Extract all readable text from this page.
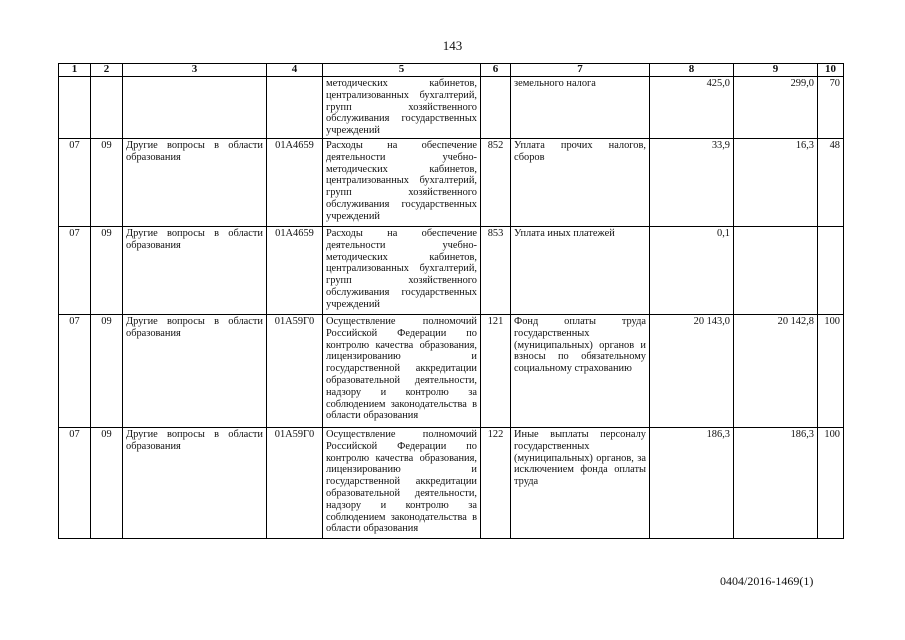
143
1	2	3	4	5	6	7	8	9	10
				методических кабинетов, централизованных бухгалтерий, групп хозяйственного обслуживания государственных учреждений		земельного налога	425,0	299,0	70
07	09	Другие вопросы в области образования	01А4659	Расходы на обеспечение деятельности учебно-методических кабинетов, централизованных бухгалтерий, групп хозяйственного обслуживания государственных учреждений	852	Уплата прочих налогов, сборов	33,9	16,3	48
07	09	Другие вопросы в области образования	01А4659	Расходы на обеспечение деятельности учебно-методических кабинетов, централизованных бухгалтерий, групп хозяйственного обслуживания государственных учреждений	853	Уплата иных платежей	0,1		
07	09	Другие вопросы в области образования	01А59Г0	Осуществление полномочий Российской Федерации по контролю качества образования, лицензированию и государственной аккредитации образовательной деятельности, надзору и контролю за соблюдением законодательства в области образования	121	Фонд оплаты труда государственных (муниципальных) органов и взносы по обязательному социальному страхованию	20 143,0	20 142,8	100
07	09	Другие вопросы в области образования	01А59Г0	Осуществление полномочий Российской Федерации по контролю качества образования, лицензированию и государственной аккредитации образовательной деятельности, надзору и контролю за соблюдением законодательства в области образования	122	Иные выплаты персоналу государственных (муниципальных) органов, за исключением фонда оплаты труда	186,3	186,3	100
0404/2016-1469(1)
